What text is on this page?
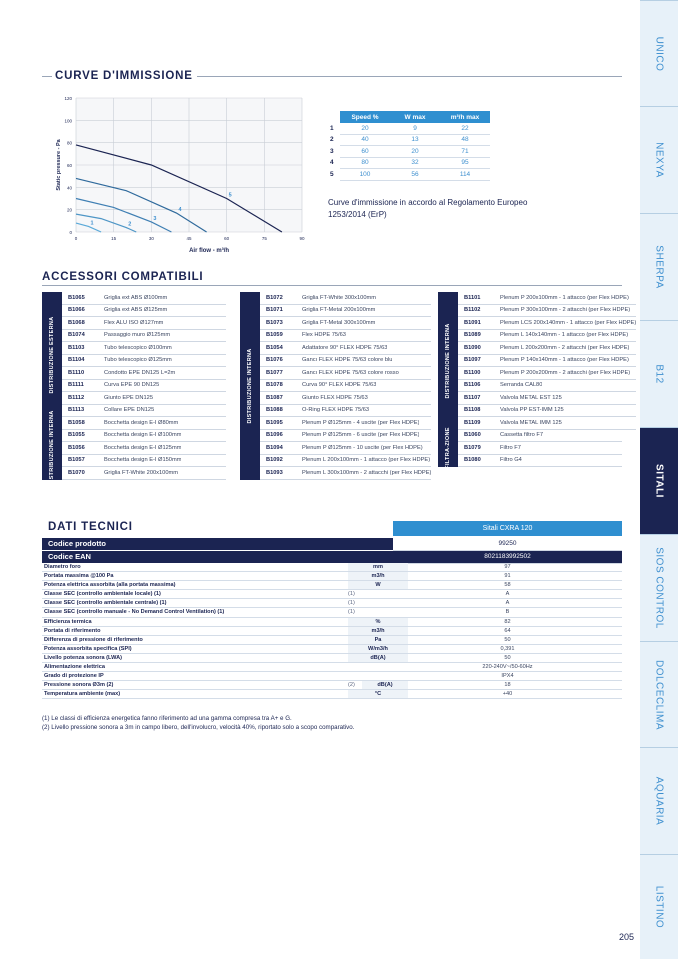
UNICO
NEXYA
SHERPA
B12
SITALI
SIOS CONTROL
DOLCECLIMA
AQUARIA
LISTINO
CURVE D'IMMISSIONE
0
20
40
60
80
100
120
0	15	30	45	60	75	90
Static pressure - Pa
Air flow - m³/h
1	2
3
4
5
	Speed %	W max	m³/h max
1	20	9	22
2	40	13	48
3	60	20	71
4	80	32	95
5	100	56	114
Curve d'immissione in accordo al Regolamento Europeo 1253/2014 (ErP)
ACCESSORI COMPATIBILI
DISTRIBUZIONE ESTERNA
B1065	Griglia ext ABS Ø100mm
B1066	Griglia ext ABS Ø125mm
B1068	Flex ALU ISO Ø127mm
B1074	Passaggio muro Ø125mm
B1103	Tubo telescopico Ø100mm
B1104	Tubo telescopico Ø125mm
B1110	Condotto EPE DN125 L=2m
B1111	Curva EPE 90 DN125
B1112	Giunto EPE DN125
B1113	Collare EPE DN125
DISTRIBUZIONE INTERNA	B1058	Bocchetta design E-I Ø80mm
B1055	Bocchetta design E-I Ø100mm
B1056	Bocchetta design E-I Ø125mm
B1057	Bocchetta design E-I Ø150mm
B1070	Griglia FT-White 200x100mm
DISTRIBUZIONE INTERNA
B1072	Griglia FT-White 300x100mm
B1071	Griglia FT-Metal 200x100mm
B1073	Griglia FT-Metal 300x100mm
B1059	Flex HDPE 75/63
B1054	Adattatore 90° FLEX HDPE 75/63
B1076	Gancı FLEX HDPE 75/63 colore blu
B1077	Gancı FLEX HDPE 75/63 colore rosso
B1078	Curva 90° FLEX HDPE 75/63
B1087	Giunto FLEX HDPE 75/63
B1088	O-Ring FLEX HDPE 75/63
B1095	Plenum P Ø125mm - 4 uscite (per Flex HDPE)
B1096	Plenum P Ø125mm - 6 uscite (per Flex HDPE)
B1094	Plenum P Ø125mm - 10 uscite (per Flex HDPE)
B1092	Plenum L 200x100mm - 1 attacco (per Flex HDPE)
B1093	Plenum L 300x100mm - 2 attacchi (per Flex HDPE)
DISTRIBUZIONE INTERNA
B1101	Plenum P 200x100mm - 1 attacco (per Flex HDPE)
B1102	Plenum P 300x100mm - 2 attacchi (per Flex HDPE)
B1091	Plenum LCS 200x140mm - 1 attacco (per Flex HDPE)
B1089	Plenum L 140x140mm - 1 attacco (per Flex HDPE)
B1090	Plenum L 200x200mm - 2 attacchi (per Flex HDPE)
B1097	Plenum P 140x140mm - 1 attacco (per Flex HDPE)
B1100	Plenum P 200x200mm - 2 attacchi (per Flex HDPE)
B1106	Serranda CAL80
B1107	Valvola METAL EST 125
B1108	Valvola PP EST-IMM 125
B1109	Valvola METAL IMM 125
FILTRA-ZIONE	B1060	Cassetta filtro F7
B1079	Filtro F7
B1080	Filtro G4
DATI TECNICI	Sitali CXRA 120
Codice prodotto	99250
Codice EAN	8021183992502
Diametro foro	mm	97
Portata massima @100 Pa	m3/h	91
Potenza elettrica assorbita (alla portata massima)	W	58
Classe SEC (controllo ambientale locale) (1)	(1)	A
Classe SEC (controllo ambientale centrale) (1)	(1)	A
Classe SEC (controllo manuale - No Demand Control Ventilation) (1)	(1)	B
Efficienza termica	%	82
Portata di riferimento	m3/h	64
Differenza di pressione di riferimento	Pa	50
Potenza assorbita specifica (SPI)	W/m3/h	0,391
Livello potenza sonora (LWA)	dB(A)	50
Alimentazione elettrica	220-240V~/50-60Hz
Grado di protezione IP	IPX4
Pressione sonora Ø3m (2)	(2)	dB(A)	18
Temperatura ambiente (max)	°C	+40
(1) Le classi di efficienza energetica fanno riferimento ad una gamma compresa tra A+ e G.
(2) Livello pressione sonora a 3m in campo libero, dell'involucro, velocità 40%, riportato solo a scopo comparativo.
205
